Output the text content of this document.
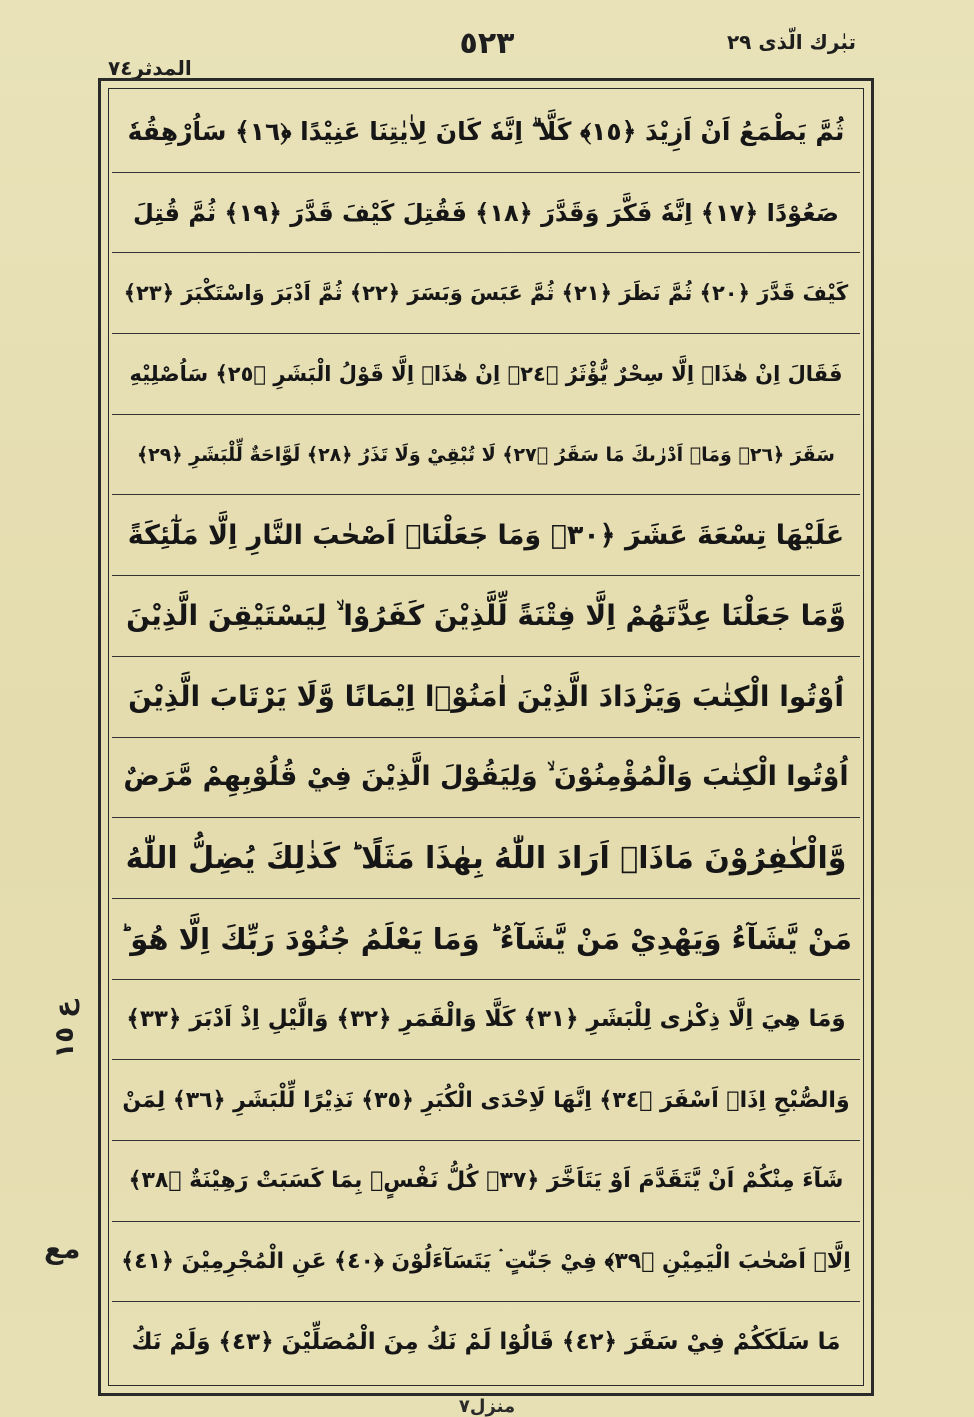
تبٰرك الّذى ٢٩
٥٢٣
المدثر٧٤
ثُمَّ يَطْمَعُ اَنْ اَزِيْدَ ﴿١٥﴾ كَلَّا ۗ اِنَّهٗ كَانَ لِاٰيٰتِنَا عَنِيْدًا ﴿١٦﴾ سَاُرْهِقُهٗ
صَعُوْدًا ﴿١٧﴾ اِنَّهٗ فَكَّرَ وَقَدَّرَ ﴿١٨﴾ فَقُتِلَ كَيْفَ قَدَّرَ ﴿١٩﴾ ثُمَّ قُتِلَ
كَيْفَ قَدَّرَ ﴿٢٠﴾ ثُمَّ نَظَرَ ﴿٢١﴾ ثُمَّ عَبَسَ وَبَسَرَ ﴿٢٢﴾ ثُمَّ اَدْبَرَ وَاسْتَكْبَرَ ﴿٢٣﴾
فَقَالَ اِنْ هٰذَاۤ اِلَّا سِحْرٌ يُّؤْثَرُ ﴿٢٤﴾ اِنْ هٰذَاۤ اِلَّا قَوْلُ الْبَشَرِ ﴿٢٥﴾ سَاُصْلِيْهِ
سَقَرَ ﴿٢٦﴾ وَمَاۤ اَدْرٰىكَ مَا سَقَرُ ﴿٢٧﴾ لَا تُبْقِيْ وَلَا تَذَرُ ﴿٢٨﴾ لَوَّاحَةٌ لِّلْبَشَرِ ﴿٢٩﴾
عَلَيْهَا تِسْعَةَ عَشَرَ ﴿٣٠﴾ وَمَا جَعَلْنَاۤ اَصْحٰبَ النَّارِ اِلَّا مَلٰٓئِكَةً
وَّمَا جَعَلْنَا عِدَّتَهُمْ اِلَّا فِتْنَةً لِّلَّذِيْنَ كَفَرُوْا ۙ لِيَسْتَيْقِنَ الَّذِيْنَ
اُوْتُوا الْكِتٰبَ وَيَزْدَادَ الَّذِيْنَ اٰمَنُوْۤا اِيْمَانًا وَّلَا يَرْتَابَ الَّذِيْنَ
اُوْتُوا الْكِتٰبَ وَالْمُؤْمِنُوْنَ ۙ وَلِيَقُوْلَ الَّذِيْنَ فِيْ قُلُوْبِهِمْ مَّرَضٌ
وَّالْكٰفِرُوْنَ مَاذَاۤ اَرَادَ اللّٰهُ بِهٰذَا مَثَلًا ؕ كَذٰلِكَ يُضِلُّ اللّٰهُ
مَنْ يَّشَآءُ وَيَهْدِيْ مَنْ يَّشَآءُ ؕ وَمَا يَعْلَمُ جُنُوْدَ رَبِّكَ اِلَّا هُوَ ؕ
وَمَا هِيَ اِلَّا ذِكْرٰى لِلْبَشَرِ ﴿٣١﴾ كَلَّا وَالْقَمَرِ ﴿٣٢﴾ وَالَّيْلِ اِذْ اَدْبَرَ ﴿٣٣﴾
وَالصُّبْحِ اِذَاۤ اَسْفَرَ ﴿٣٤﴾ اِنَّهَا لَاِحْدَى الْكُبَرِ ﴿٣٥﴾ نَذِيْرًا لِّلْبَشَرِ ﴿٣٦﴾ لِمَنْ
شَآءَ مِنْكُمْ اَنْ يَّتَقَدَّمَ اَوْ يَتَاَخَّرَ ﴿٣٧﴾ كُلُّ نَفْسٍۢ بِمَا كَسَبَتْ رَهِيْنَةٌ ﴿٣٨﴾
اِلَّاۤ اَصْحٰبَ الْيَمِيْنِ ﴿٣٩﴾ فِيْ جَنّٰتٍ ۛ يَتَسَآءَلُوْنَ ﴿٤٠﴾ عَنِ الْمُجْرِمِيْنَ ﴿٤١﴾
مَا سَلَكَكُمْ فِيْ سَقَرَ ﴿٤٢﴾ قَالُوْا لَمْ نَكُ مِنَ الْمُصَلِّيْنَ ﴿٤٣﴾ وَلَمْ نَكُ
ع ١٥
مع
منزل٧
